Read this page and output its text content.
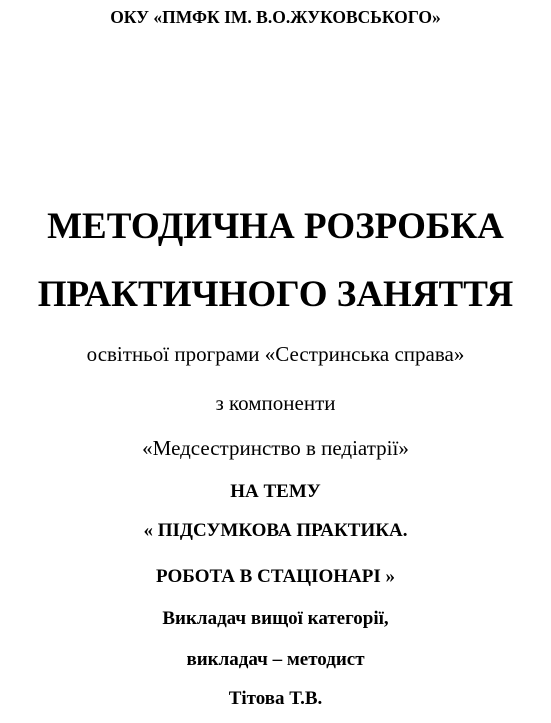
ОКУ «ПМФК ІМ. В.О.ЖУКОВСЬКОГО»
МЕТОДИЧНА РОЗРОБКА
ПРАКТИЧНОГО ЗАНЯТТЯ
освітньої програми «Сестринська справа»
з компоненти
«Медсестринство в педіатрії»
НА ТЕМУ
« ПІДСУМКОВА ПРАКТИКА.
РОБОТА В СТАЦІОНАРІ »
Викладач вищої категорії,
викладач – методист
Тітова Т.В.
